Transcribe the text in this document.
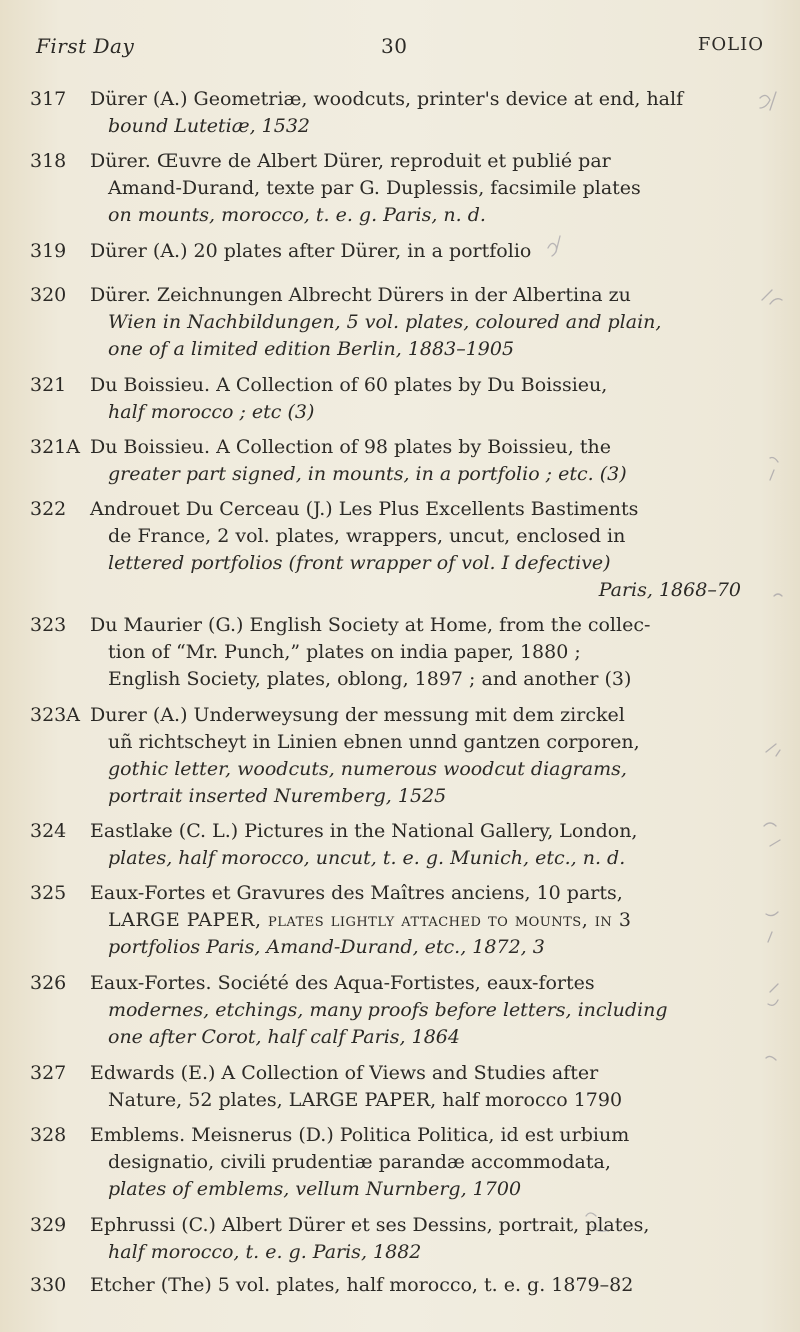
First Day	30	FOLIO
317	Dürer (A.) Geometriæ, woodcuts, printer's device at end, half
bound Lutetiæ, 1532
318	Dürer. Œuvre de Albert Dürer, reproduit et publié par
Amand-Durand, texte par G. Duplessis, facsimile plates
on mounts, morocco, t. e. g. Paris, n. d.
319	Dürer (A.) 20 plates after Dürer, in a portfolio
320	Dürer. Zeichnungen Albrecht Dürers in der Albertina zu
Wien in Nachbildungen, 5 vol. plates, coloured and plain,
one of a limited edition Berlin, 1883–1905
321	Du Boissieu. A Collection of 60 plates by Du Boissieu,
half morocco ; etc (3)
321A Du Boissieu. A Collection of 98 plates by Boissieu, the
greater part signed, in mounts, in a portfolio ; etc. (3)
322	Androuet Du Cerceau (J.) Les Plus Excellents Bastiments
de France, 2 vol. plates, wrappers, uncut, enclosed in
lettered portfolios (front wrapper of vol. I defective)
Paris, 1868–70
323	Du Maurier (G.) English Society at Home, from the collec-
tion of “Mr. Punch,” plates on india paper, 1880 ;
English Society, plates, oblong, 1897 ; and another (3)
323A Durer (A.) Underweysung der messung mit dem zirckel
uñ richtscheyt in Linien ebnen unnd gantzen corporen,
gothic letter, woodcuts, numerous woodcut diagrams,
portrait inserted Nuremberg, 1525
324	Eastlake (C. L.) Pictures in the National Gallery, London,
plates, half morocco, uncut, t. e. g. Munich, etc., n. d.
325	Eaux-Fortes et Gravures des Maîtres anciens, 10 parts,
LARGE PAPER, plates lightly attached to mounts, in 3
portfolios Paris, Amand-Durand, etc., 1872, 3
326	Eaux-Fortes. Société des Aqua-Fortistes, eaux-fortes
modernes, etchings, many proofs before letters, including
one after Corot, half calf Paris, 1864
327	Edwards (E.) A Collection of Views and Studies after
Nature, 52 plates, LARGE PAPER, half morocco 1790
328	Emblems. Meisnerus (D.) Politica Politica, id est urbium
designatio, civili prudentiæ parandæ accommodata,
plates of emblems, vellum Nurnberg, 1700
329	Ephrussi (C.) Albert Dürer et ses Dessins, portrait, plates,
half morocco, t. e. g. Paris, 1882
330	Etcher (The) 5 vol. plates, half morocco, t. e. g. 1879–82
